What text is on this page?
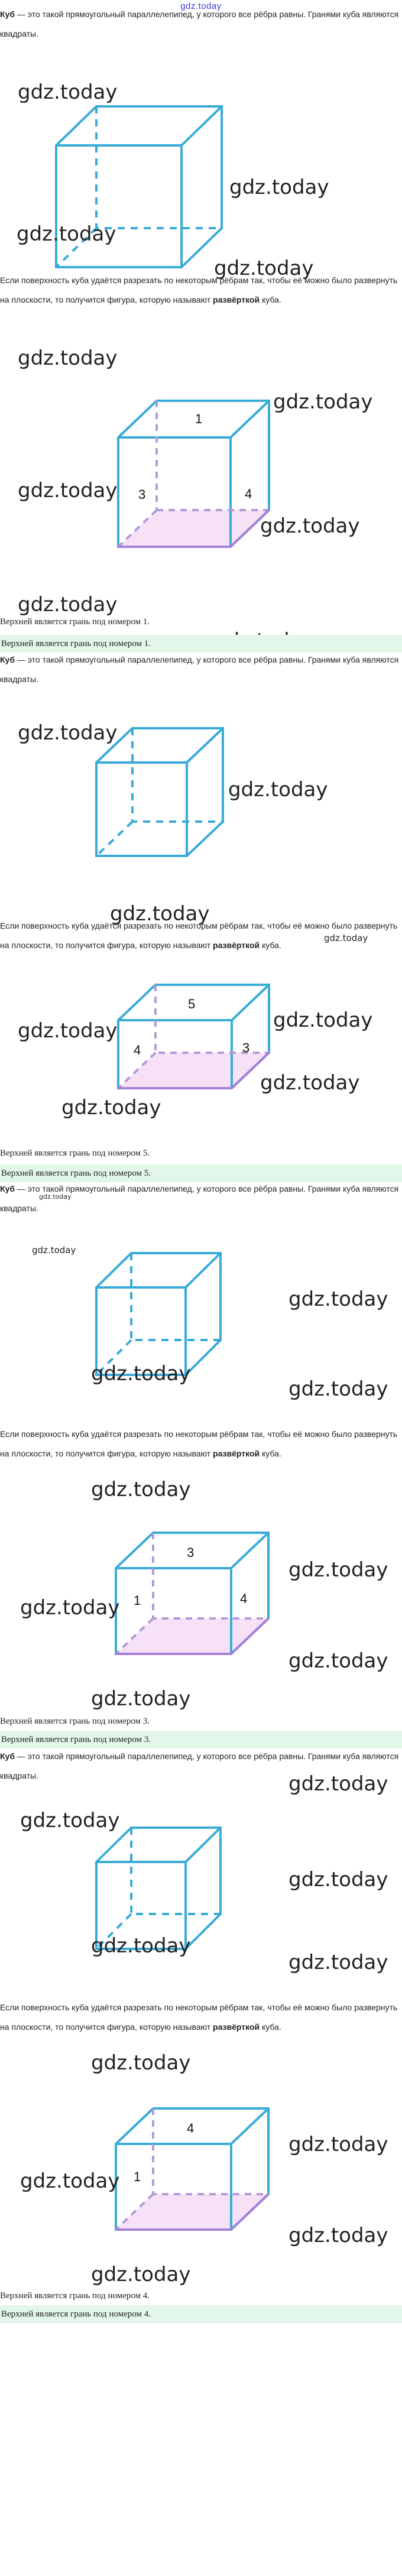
gdz.today
Куб — это такой прямоугольный параллелепипед, у которого все рёбра равны. Гранями куба являются квадраты.
gdz.today
gdz.today
gdz.today
gdz.today
Если поверхность куба удаётся разрезать по некоторым рёбрам так, чтобы её можно было развернуть на плоскости, то получится фигура, которую называют развёрткой куба.
gdz.today
1
3	4
gdz.today
gdz.today
gdz.today
gdz.today
Верхней является грань под номером 1.
Верхней является грань под номером 1.
Куб — это такой прямоугольный параллелепипед, у которого все рёбра равны. Гранями куба являются квадраты.
gdz.today
gdz.today
gdz.today
Если поверхность куба удаётся разрезать по некоторым рёбрам так, чтобы её можно было развернуть на плоскости, то получится фигура, которую называют развёрткой куба.
gdz.today
5
4	3
gdz.today	gdz.today
gdz.today
gdz.today
Верхней является грань под номером 5.
Верхней является грань под номером 5.
Куб — это такой прямоугольный параллелепипед, у которого все рёбра равны. Гранями куба являются квадраты.
gdz.today
gdz.today
gdz.today
gdz.today
gdz.today
Если поверхность куба удаётся разрезать по некоторым рёбрам так, чтобы её можно было развернуть на плоскости, то получится фигура, которую называют развёрткой куба.
gdz.today
3
1	4
gdz.today
gdz.today
gdz.today
gdz.today
Верхней является грань под номером 3.
Верхней является грань под номером 3.
Куб — это такой прямоугольный параллелепипед, у которого все рёбра равны. Гранями куба являются квадраты.	gdz.today
gdz.today
gdz.today
gdz.today
gdz.today
Если поверхность куба удаётся разрезать по некоторым рёбрам так, чтобы её можно было развернуть на плоскости, то получится фигура, которую называют развёрткой куба.
gdz.today
4
1
gdz.today
gdz.today
gdz.today
gdz.today
Верхней является грань под номером 4.
Верхней является грань под номером 4.
